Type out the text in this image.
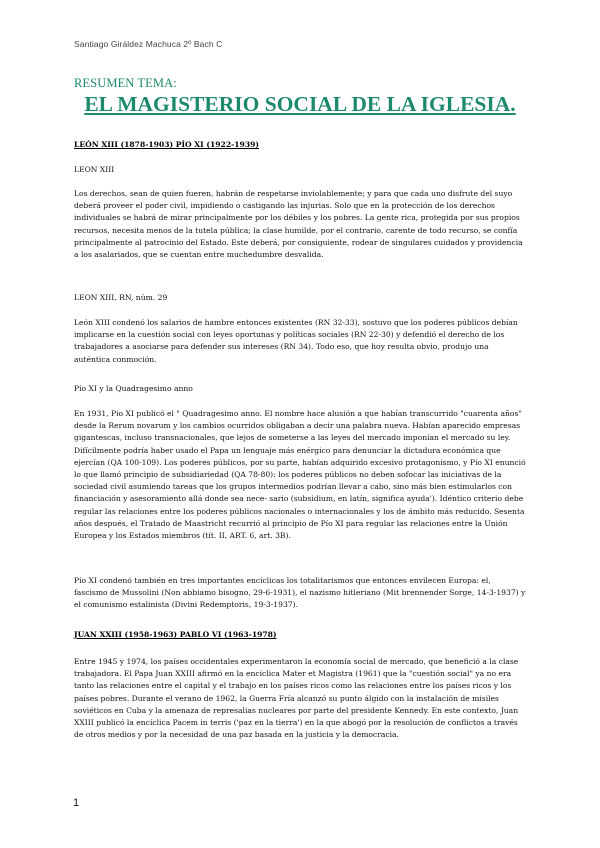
Santiago Giráldez Machuca 2º Bach C
RESUMEN TEMA:
EL MAGISTERIO SOCIAL DE LA IGLESIA.
LEÓN XIII (1878-1903) PÍO XI (1922-1939)
LEON XIII

Los derechos, sean de quien fueren, habrán de respetarse inviolablemente; y para que cada uno disfrute del suyo deberá proveer el poder civil, impidiendo o castigando las injurias. Solo que en la protección de los derechos individuales se habrá de mirar principalmente por los débiles y los pobres. La gente rica, protegida por sus propios recursos, necesita menos de la tutela pública; la clase humilde, por el contrario, carente de todo recurso, se confía principalmente al patrocinio del Estado. Este deberá, por consiguiente, rodear de singulares cuidados y providencia a los asalariados, que se cuentan entre muchedumbre desvalida.

LEON XIII, RN, núm. 29

León XIII condenó los salarios de hambre entonces existentes (RN 32-33), sostuvo que los poderes públicos debían implicarse en la cuestión social con leyes oportunas y políticas sociales (RN 22-30) y defendió el derecho de los trabajadores a asociarse para defender sus intereses (RN 34). Todo eso, que hoy resulta obvio, produjo una auténtica conmoción.

Pío XI y la Quadragesimo anno

En 1931, Pío XI publicó el " Quadragesimo anno. El nombre hace alusión a que habían transcurrido "cuarenta años" desde la Rerum novarum y los cambios ocurridos obligaban a decir una palabra nueva. Habían aparecido empresas gigantescas, incluso transnacionales, que lejos de someterse a las leyes del mercado imponían el mercado su ley. Difícilmente podría haber usado el Papa un lenguaje más enérgico para denunciar la dictadura económica que ejercían (QA 100-109). Los poderes públicos, por su parte, habían adquirido excesivo protagonismo, y Pío XI enunció lo que llamó principio de subsidiariedad (QA 78-80): los poderes públicos no deben sofocar las iniciativas de la sociedad civil asumiendo tareas que los grupos intermedios podrían llevar a cabo, sino más bien estimularlos con financiación y asesoramiento allá donde sea nece- sario (subsidium, en latín, significa ayuda'). Idéntico criterio debe regular las relaciones entre los poderes públicos nacionales o internacionales y los de ámbito más reducido. Sesenta años después, el Tratado de Maastricht recurrió al principio de Pío XI para regular las relaciones entre la Unión Europea y los Estados miembros (tít. II, ART. 6, art. 3B).

Pío XI condenó también en tres importantes encíclicas los totalitarismos que entonces envilecen Europa: el, fascismo de Mussolini (Non abbiamo bisogno, 29-6-1931), el nazismo hitleriano (Mit brennender Sorge, 14-3-1937) y el comunismo estalinista (Divini Redemptoris, 19-3-1937).

JUAN XXIII (1958-1963) PABLO VI (1963-1978)

Entre 1945 y 1974, los países occidentales experimentaron la economía social de mercado, que benefició a la clase trabajadora. El Papa Juan XXIII afirmó en la encíclica Mater et Magistra (1961) que la "cuestión social" ya no era tanto las relaciones entre el capital y el trabajo en los países ricos como las relaciones entre los países ricos y los países pobres. Durante el verano de 1962, la Guerra Fría alcanzó su punto álgido con la instalación de misiles soviéticos en Cuba y la amenaza de represalias nucleares por parte del presidente Kennedy. En este contexto, Juan XXIII publicó la encíclica Pacem in terris ('paz en la tierra') en la que abogó por la resolución de conflictos a través de otros medios y por la necesidad de una paz basada en la justicia y la democracia.

1
